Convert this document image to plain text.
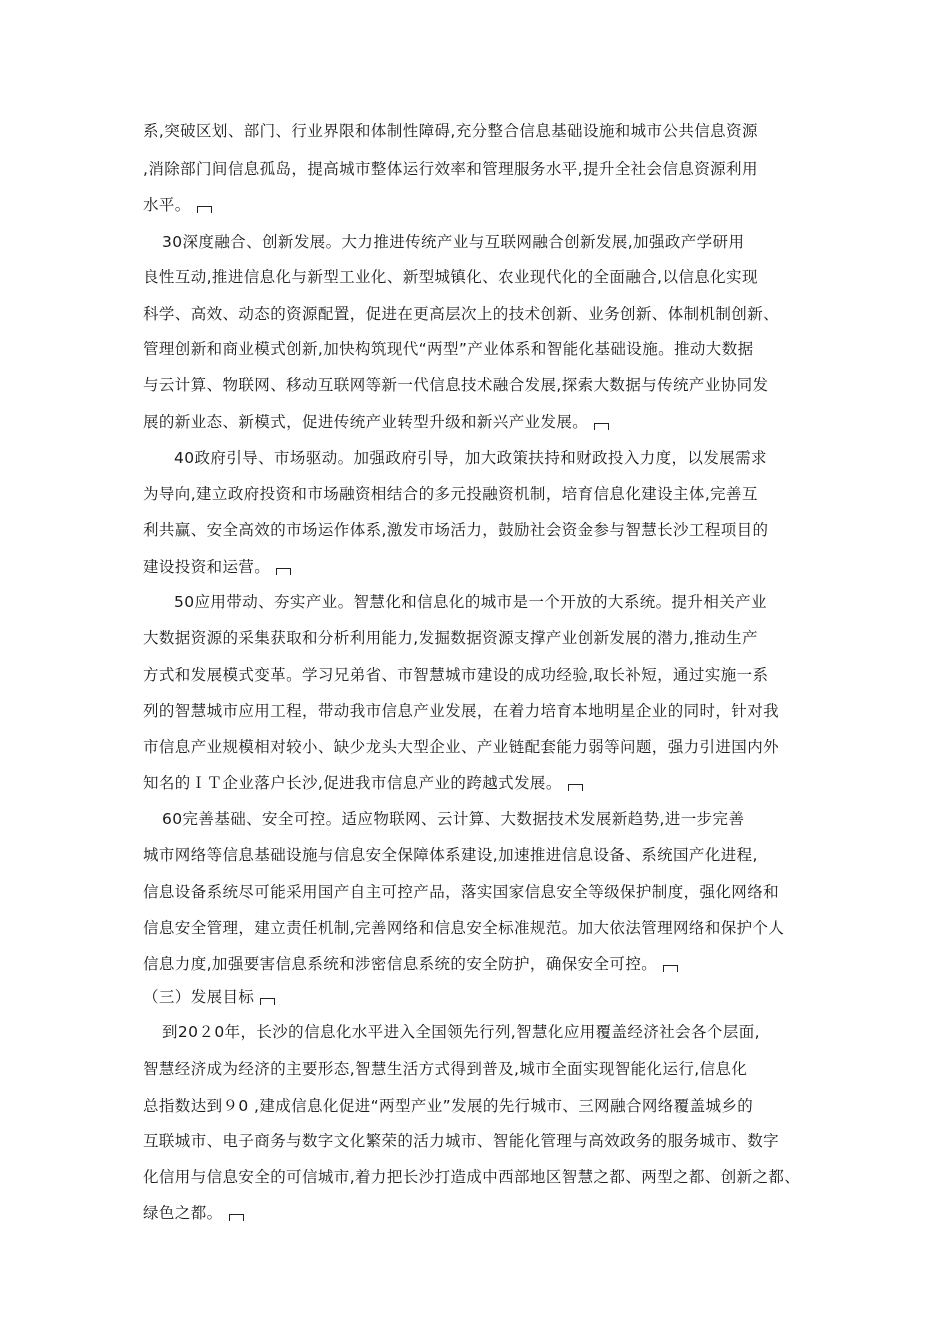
系,突破区划、部门、行业界限和体制性障碍,充分整合信息基础设施和城市公共信息资源
,消除部门间信息孤岛，提高城市整体运行效率和管理服务水平,提升全社会信息资源利用
水平。
30深度融合、创新发展。大力推进传统产业与互联网融合创新发展,加强政产学研用
良性互动,推进信息化与新型工业化、新型城镇化、农业现代化的全面融合,以信息化实现
科学、高效、动态的资源配置，促进在更高层次上的技术创新、业务创新、体制机制创新、
管理创新和商业模式创新,加快构筑现代“两型”产业体系和智能化基础设施。推动大数据
与云计算、物联网、移动互联网等新一代信息技术融合发展,探索大数据与传统产业协同发
展的新业态、新模式，促进传统产业转型升级和新兴产业发展。
40政府引导、市场驱动。加强政府引导，加大政策扶持和财政投入力度，以发展需求
为导向,建立政府投资和市场融资相结合的多元投融资机制，培育信息化建设主体,完善互
利共赢、安全高效的市场运作体系,激发市场活力，鼓励社会资金参与智慧长沙工程项目的
建设投资和运营。
50应用带动、夯实产业。智慧化和信息化的城市是一个开放的大系统。提升相关产业
大数据资源的采集获取和分析利用能力,发掘数据资源支撑产业创新发展的潜力,推动生产
方式和发展模式变革。学习兄弟省、市智慧城市建设的成功经验,取长补短，通过实施一系
列的智慧城市应用工程，带动我市信息产业发展，在着力培育本地明星企业的同时，针对我
市信息产业规模相对较小、缺少龙头大型企业、产业链配套能力弱等问题，强力引进国内外
知名的ＩＴ企业落户长沙,促进我市信息产业的跨越式发展。
60完善基础、安全可控。适应物联网、云计算、大数据技术发展新趋势,进一步完善
城市网络等信息基础设施与信息安全保障体系建设,加速推进信息设备、系统国产化进程,
信息设备系统尽可能采用国产自主可控产品，落实国家信息安全等级保护制度，强化网络和
信息安全管理，建立责任机制,完善网络和信息安全标准规范。加大依法管理网络和保护个人
信息力度,加强要害信息系统和涉密信息系统的安全防护，确保安全可控。
（三）发展目标
到20２0年，长沙的信息化水平进入全国领先行列,智慧化应用覆盖经济社会各个层面,
智慧经济成为经济的主要形态,智慧生活方式得到普及,城市全面实现智能化运行,信息化
总指数达到９0 ,建成信息化促进“两型产业”发展的先行城市、三网融合网络覆盖城乡的
互联城市、电子商务与数字文化繁荣的活力城市、智能化管理与高效政务的服务城市、数字
化信用与信息安全的可信城市,着力把长沙打造成中西部地区智慧之都、两型之都、创新之都、
绿色之都。
